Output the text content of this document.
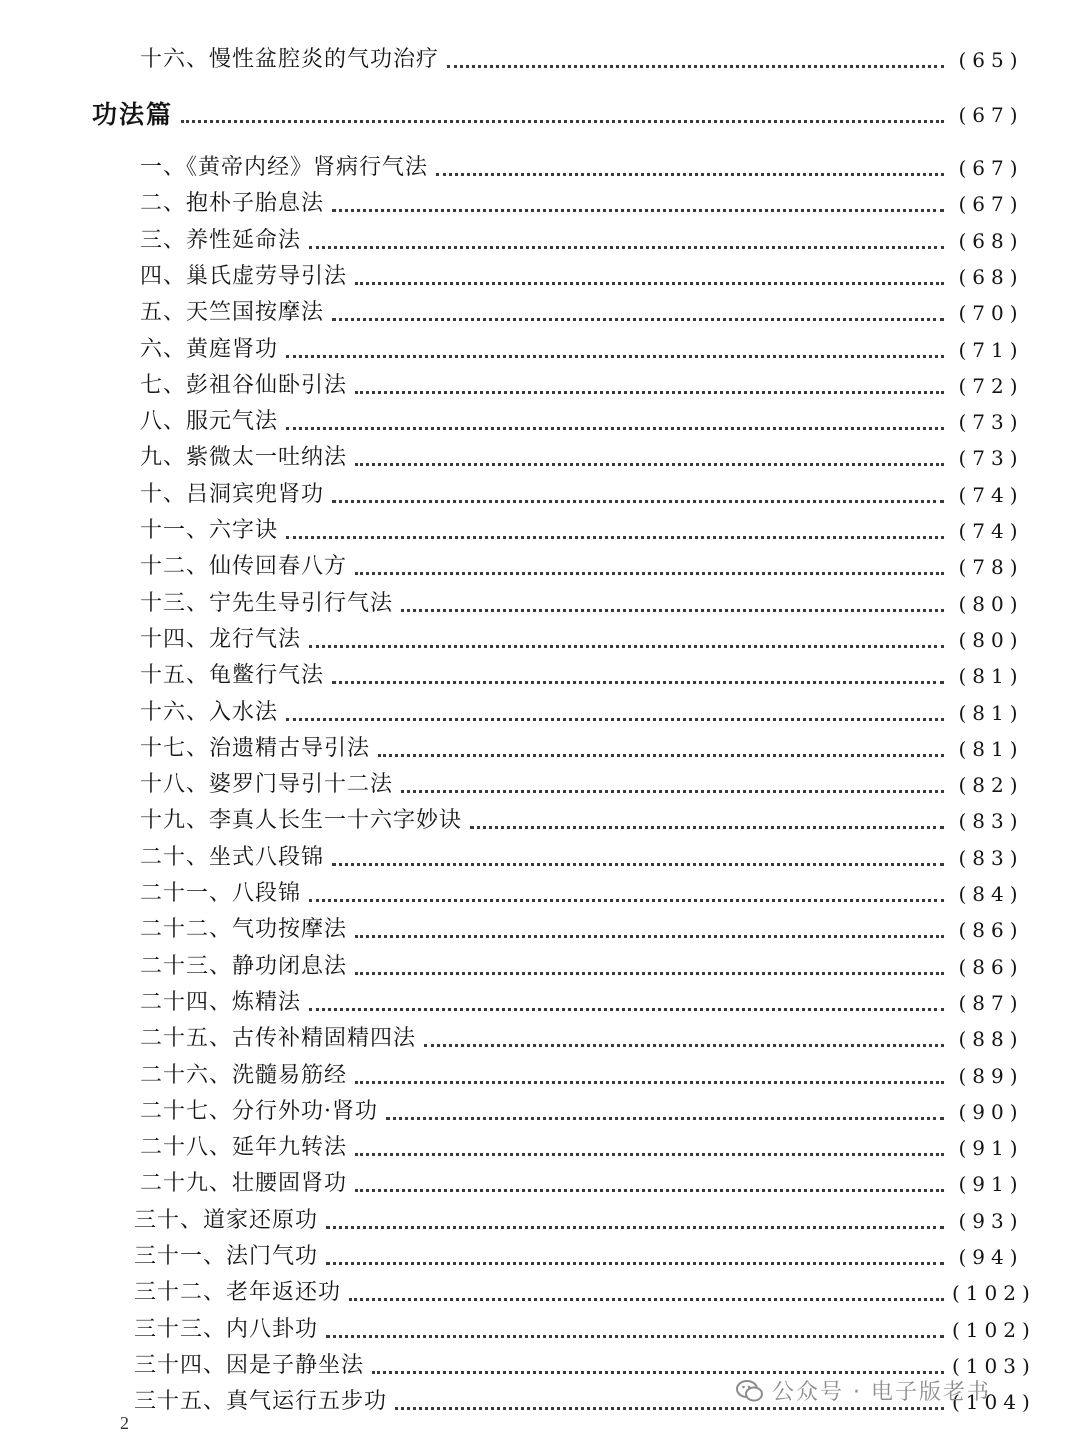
十六、慢性盆腔炎的气功治疗	(65)
功法篇	(67)
一、《黄帝内经》肾病行气法	(67)
二、抱朴子胎息法	(67)
三、养性延命法	(68)
四、巢氏虚劳导引法	(68)
五、天竺国按摩法	(70)
六、黄庭肾功	(71)
七、彭祖谷仙卧引法	(72)
八、服元气法	(73)
九、紫微太一吐纳法	(73)
十、吕洞宾兜肾功	(74)
十一、六字诀	(74)
十二、仙传回春八方	(78)
十三、宁先生导引行气法	(80)
十四、龙行气法	(80)
十五、龟鳖行气法	(81)
十六、入水法	(81)
十七、治遗精古导引法	(81)
十八、婆罗门导引十二法	(82)
十九、李真人长生一十六字妙诀	(83)
二十、坐式八段锦	(83)
二十一、八段锦	(84)
二十二、气功按摩法	(86)
二十三、静功闭息法	(86)
二十四、炼精法	(87)
二十五、古传补精固精四法	(88)
二十六、洗髓易筋经	(89)
二十七、分行外功·肾功	(90)
二十八、延年九转法	(91)
二十九、壮腰固肾功	(91)
三十、道家还原功	(93)
三十一、法门气功	(94)
三十二、老年返还功	(102)
三十三、内八卦功	(102)
三十四、因是子静坐法	(103)
三十五、真气运行五步功	(104)
2
公众号 · 电子版老书
